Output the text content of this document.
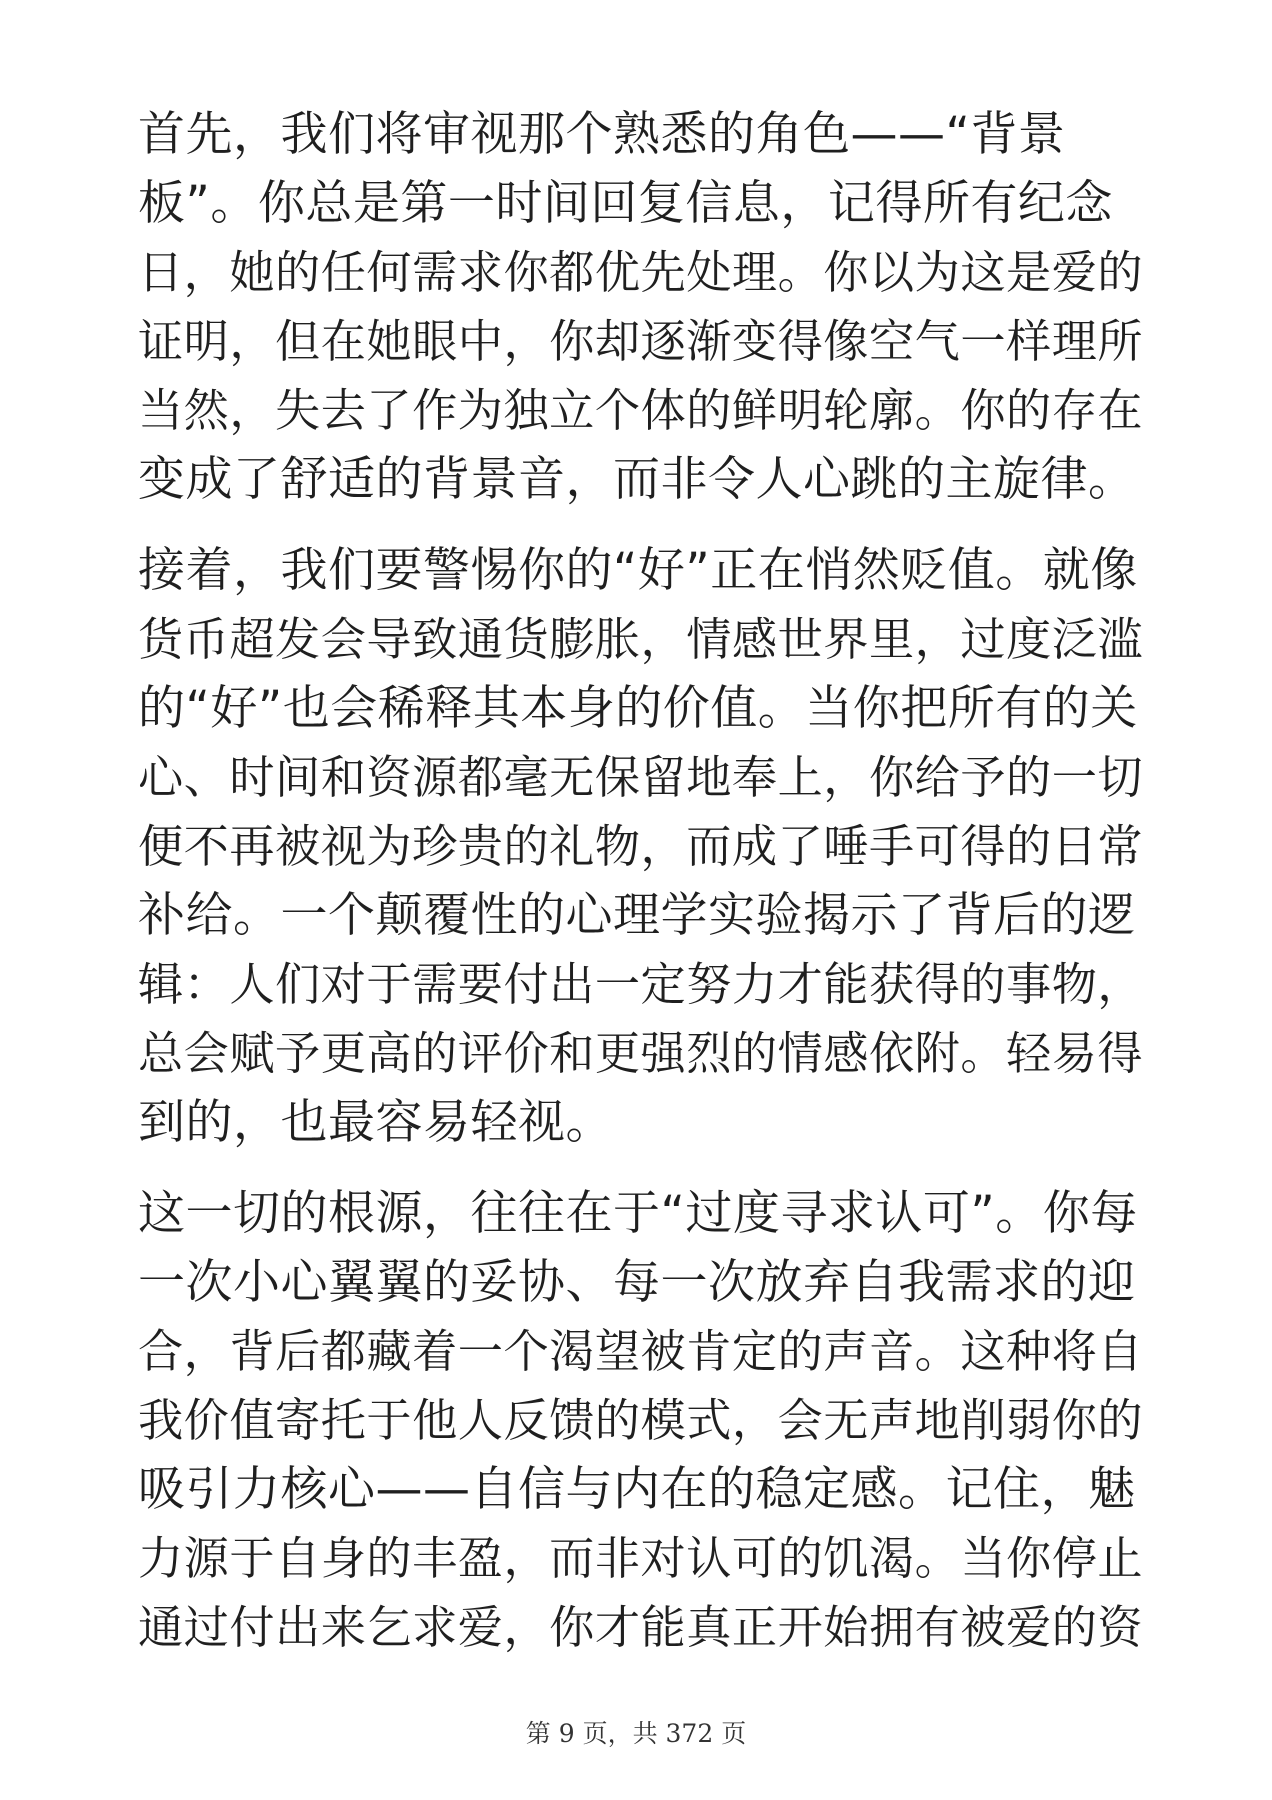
首先，我们将审视那个熟悉的角色——“背景
板”。你总是第一时间回复信息，记得所有纪念
日，她的任何需求你都优先处理。你以为这是爱的
证明，但在她眼中，你却逐渐变得像空气一样理所
当然，失去了作为独立个体的鲜明轮廓。你的存在
变成了舒适的背景音，而非令人心跳的主旋律。
接着，我们要警惕你的“好”正在悄然贬值。就像
货币超发会导致通货膨胀，情感世界里，过度泛滥
的“好”也会稀释其本身的价值。当你把所有的关
心、时间和资源都毫无保留地奉上，你给予的一切
便不再被视为珍贵的礼物，而成了唾手可得的日常
补给。一个颠覆性的心理学实验揭示了背后的逻
辑：人们对于需要付出一定努力才能获得的事物，
总会赋予更高的评价和更强烈的情感依附。轻易得
到的，也最容易轻视。
这一切的根源，往往在于“过度寻求认可”。你每
一次小心翼翼的妥协、每一次放弃自我需求的迎
合，背后都藏着一个渴望被肯定的声音。这种将自
我价值寄托于他人反馈的模式，会无声地削弱你的
吸引力核心——自信与内在的稳定感。记住，魅
力源于自身的丰盈，而非对认可的饥渴。当你停止
通过付出来乞求爱，你才能真正开始拥有被爱的资
第 9 页，共 372 页
